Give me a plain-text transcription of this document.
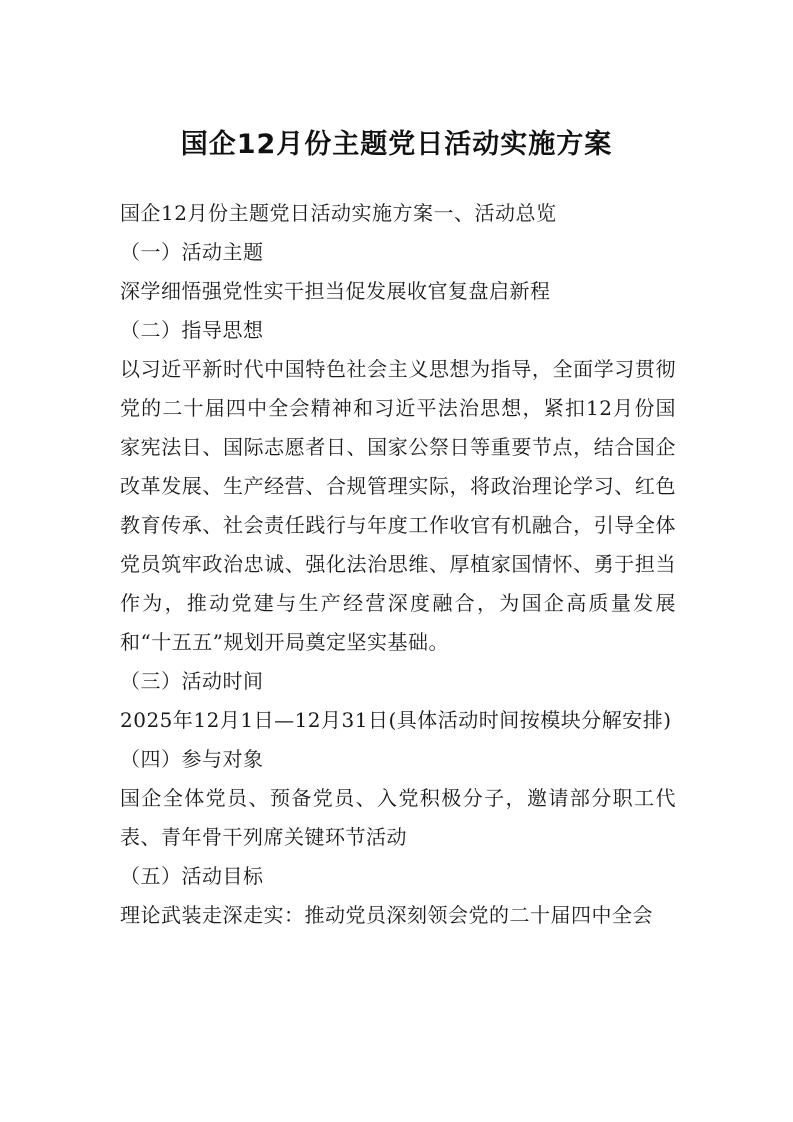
国企12月份主题党日活动实施方案
国企12月份主题党日活动实施方案一、活动总览
（一）活动主题
深学细悟强党性实干担当促发展收官复盘启新程
（二）指导思想
以习近平新时代中国特色社会主义思想为指导，全面学习贯彻党的二十届四中全会精神和习近平法治思想，紧扣12月份国家宪法日、国际志愿者日、国家公祭日等重要节点，结合国企改革发展、生产经营、合规管理实际，将政治理论学习、红色教育传承、社会责任践行与年度工作收官有机融合，引导全体党员筑牢政治忠诚、强化法治思维、厚植家国情怀、勇于担当作为，推动党建与生产经营深度融合，为国企高质量发展和“十五五”规划开局奠定坚实基础。
（三）活动时间
2025年12月1日—12月31日(具体活动时间按模块分解安排)
（四）参与对象
国企全体党员、预备党员、入党积极分子，邀请部分职工代表、青年骨干列席关键环节活动
（五）活动目标
理论武装走深走实：推动党员深刻领会党的二十届四中全会
